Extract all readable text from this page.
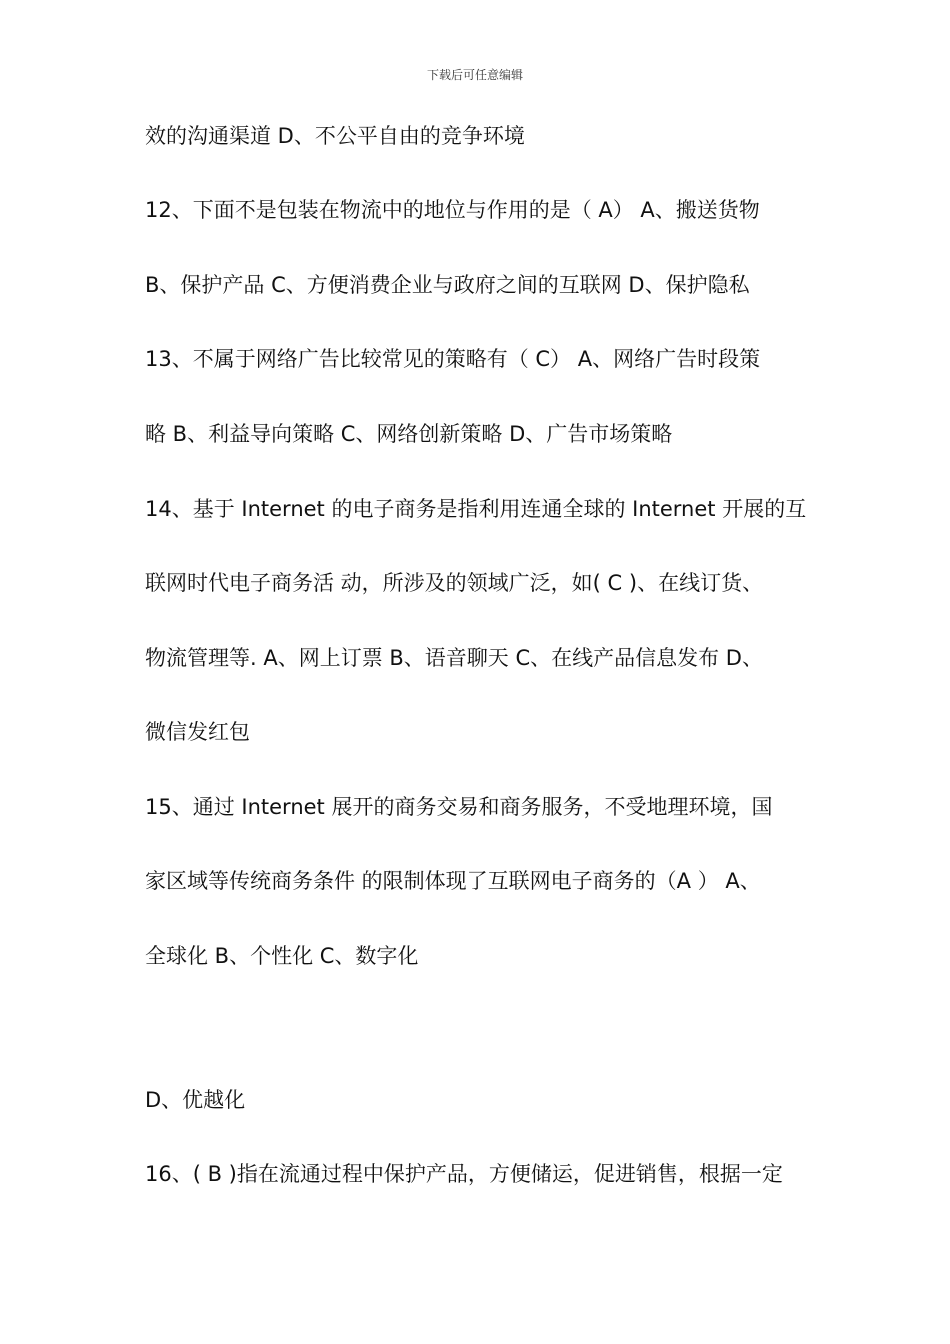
下载后可任意编辑
效的沟通渠道 D、不公平自由的竞争环境
12、下面不是包装在物流中的地位与作用的是（ A） A、搬送货物
B、保护产品 C、方便消费企业与政府之间的互联网 D、保护隐私
13、不属于网络广告比较常见的策略有（ C） A、网络广告时段策
略 B、利益导向策略 C、网络创新策略 D、广告市场策略
14、基于 Internet 的电子商务是指利用连通全球的 Internet 开展的互
联网时代电子商务活 动，所涉及的领域广泛，如( C )、在线订货、
物流管理等. A、网上订票 B、语音聊天 C、在线产品信息发布 D、
微信发红包
15、通过 Internet 展开的商务交易和商务服务，不受地理环境，国
家区域等传统商务条件 的限制体现了互联网电子商务的（A ） A、
全球化 B、个性化 C、数字化
D、优越化
16、( B )指在流通过程中保护产品，方便储运，促进销售，根据一定
